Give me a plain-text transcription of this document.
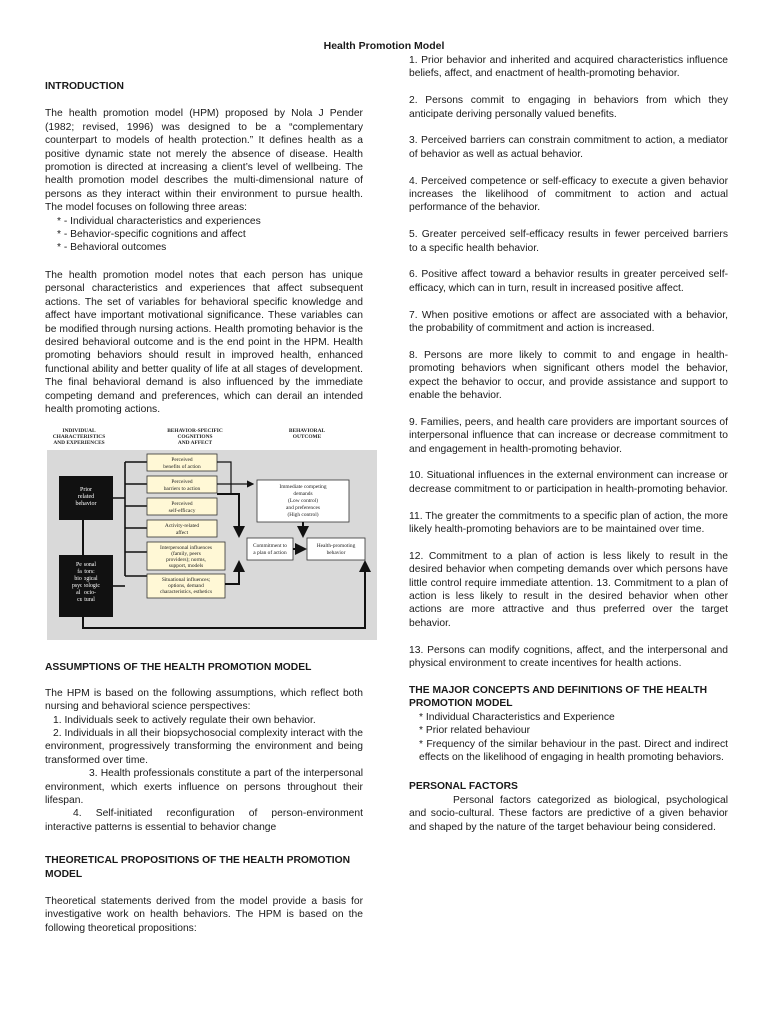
Health Promotion Model
INTRODUCTION

The health promotion model (HPM) proposed by Nola J Pender (1982; revised, 1996) was designed to be a “complementary counterpart to models of health protection.” It defines health as a positive dynamic state not merely the absence of disease. Health promotion is directed at increasing a client’s level of wellbeing. The health promotion model describes the multi-dimensional nature of persons as they interact within their environment to pursue health. The model focuses on following three areas:

* - Individual characteristics and experiences
* - Behavior-specific cognitions and affect
* - Behavioral outcomes

The health promotion model notes that each person has unique personal characteristics and experiences that affect subsequent actions. The set of variables for behavioral specific knowledge and affect have important motivational significance. These variables can be modified through nursing actions. Health promoting behavior is the desired behavioral outcome and is the end point in the HPM. Health promoting behaviors should result in improved health, enhanced functional ability and better quality of life at all stages of development. The final behavioral demand is also influenced by the immediate competing demand and preferences, which can derail an intended health promoting actions.

INDIVIDUAL CHARACTERISTICS AND EXPERIENCES
BEHAVIOR-SPECIFIC COGNITIONS AND AFFECT
BEHAVIORAL OUTCOME
Prior related behavior
Personal factors: biological psychologic al socio-cultural
Perceived benefits of action
Perceived barriers to action
Perceived self-efficacy
Activity-related affect
Interpersonal influences (family, peers providers); norms, support, models
Situational influences; options, demand characteristics, esthetics
Immediate competing demands (Low control) and preferences (High control)
Commitment to a plan of action
Health-promoting behavior
ASSUMPTIONS OF THE HEALTH PROMOTION MODEL

The HPM is based on the following assumptions, which reflect both nursing and behavioral science perspectives:

1. Individuals seek to actively regulate their own behavior.
2. Individuals in all their biopsychosocial complexity interact with the environment, progressively transforming the environment and being transformed over time.
3. Health professionals constitute a part of the interpersonal environment, which exerts influence on persons throughout their lifespan.
4. Self-initiated reconfiguration of person-environment interactive patterns is essential to behavior change
THEORETICAL PROPOSITIONS OF THE HEALTH PROMOTION MODEL

Theoretical statements derived from the model provide a basis for investigative work on health behaviors. The HPM is based on the following theoretical propositions:

1. Prior behavior and inherited and acquired characteristics influence beliefs, affect, and enactment of health-promoting behavior.
2. Persons commit to engaging in behaviors from which they anticipate deriving personally valued benefits.
3. Perceived barriers can constrain commitment to action, a mediator of behavior as well as actual behavior.
4. Perceived competence or self-efficacy to execute a given behavior increases the likelihood of commitment to action and actual performance of the behavior.
5. Greater perceived self-efficacy results in fewer perceived barriers to a specific health behavior.
6. Positive affect toward a behavior results in greater perceived self-efficacy, which can in turn, result in increased positive affect.
7. When positive emotions or affect are associated with a behavior, the probability of commitment and action is increased.
8. Persons are more likely to commit to and engage in health-promoting behaviors when significant others model the behavior, expect the behavior to occur, and provide assistance and support to enable the behavior.
9. Families, peers, and health care providers are important sources of interpersonal influence that can increase or decrease commitment to and engagement in health-promoting behavior.
10. Situational influences in the external environment can increase or decrease commitment to or participation in health-promoting behavior.
11. The greater the commitments to a specific plan of action, the more likely health-promoting behaviors are to be maintained over time.
12. Commitment to a plan of action is less likely to result in the desired behavior when competing demands over which persons have little control require immediate attention. 13. Commitment to a plan of action is less likely to result in the desired behavior when other actions are more attractive and thus preferred over the target behavior.
13. Persons can modify cognitions, affect, and the interpersonal and physical environment to create incentives for health actions.
THE MAJOR CONCEPTS AND DEFINITIONS OF THE HEALTH PROMOTION MODEL
* Individual Characteristics and Experience
* Prior related behaviour
* Frequency of the similar behaviour in the past. Direct and indirect effects on the likelihood of engaging in health promoting behaviors.
PERSONAL FACTORS

Personal factors categorized as biological, psychological and socio-cultural. These factors are predictive of a given behavior and shaped by the nature of the target behaviour being considered.
